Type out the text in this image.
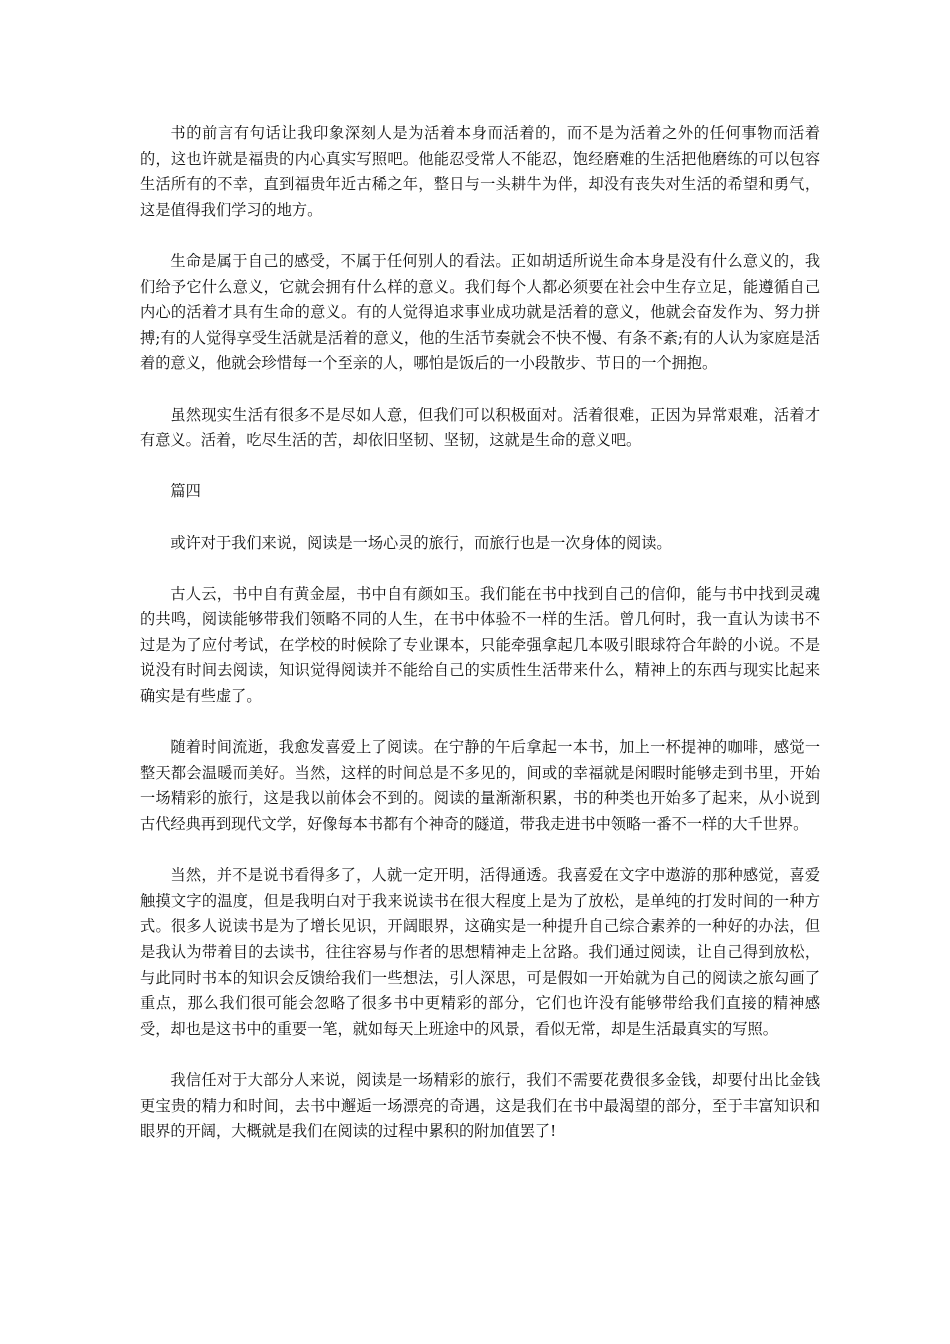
书的前言有句话让我印象深刻人是为活着本身而活着的，而不是为活着之外的任何事物而活着的，这也许就是福贵的内心真实写照吧。他能忍受常人不能忍，饱经磨难的生活把他磨练的可以包容生活所有的不幸，直到福贵年近古稀之年，整日与一头耕牛为伴，却没有丧失对生活的希望和勇气，这是值得我们学习的地方。

生命是属于自己的感受，不属于任何别人的看法。正如胡适所说生命本身是没有什么意义的，我们给予它什么意义，它就会拥有什么样的意义。我们每个人都必须要在社会中生存立足，能遵循自己内心的活着才具有生命的意义。有的人觉得追求事业成功就是活着的意义，他就会奋发作为、努力拼搏;有的人觉得享受生活就是活着的意义，他的生活节奏就会不快不慢、有条不紊;有的人认为家庭是活着的意义，他就会珍惜每一个至亲的人，哪怕是饭后的一小段散步、节日的一个拥抱。

虽然现实生活有很多不是尽如人意，但我们可以积极面对。活着很难，正因为异常艰难，活着才有意义。活着，吃尽生活的苦，却依旧坚韧、坚韧，这就是生命的意义吧。

篇四

或许对于我们来说，阅读是一场心灵的旅行，而旅行也是一次身体的阅读。

古人云，书中自有黄金屋，书中自有颜如玉。我们能在书中找到自己的信仰，能与书中找到灵魂的共鸣，阅读能够带我们领略不同的人生，在书中体验不一样的生活。曾几何时，我一直认为读书不过是为了应付考试，在学校的时候除了专业课本，只能牵强拿起几本吸引眼球符合年龄的小说。不是说没有时间去阅读，知识觉得阅读并不能给自己的实质性生活带来什么，精神上的东西与现实比起来确实是有些虚了。

随着时间流逝，我愈发喜爱上了阅读。在宁静的午后拿起一本书，加上一杯提神的咖啡，感觉一整天都会温暖而美好。当然，这样的时间总是不多见的，间或的幸福就是闲暇时能够走到书里，开始一场精彩的旅行，这是我以前体会不到的。阅读的量渐渐积累，书的种类也开始多了起来，从小说到古代经典再到现代文学，好像每本书都有个神奇的隧道，带我走进书中领略一番不一样的大千世界。

当然，并不是说书看得多了，人就一定开明，活得通透。我喜爱在文字中遨游的那种感觉，喜爱触摸文字的温度，但是我明白对于我来说读书在很大程度上是为了放松，是单纯的打发时间的一种方式。很多人说读书是为了增长见识，开阔眼界，这确实是一种提升自己综合素养的一种好的办法，但是我认为带着目的去读书，往往容易与作者的思想精神走上岔路。我们通过阅读，让自己得到放松，与此同时书本的知识会反馈给我们一些想法，引人深思，可是假如一开始就为自己的阅读之旅勾画了重点，那么我们很可能会忽略了很多书中更精彩的部分，它们也许没有能够带给我们直接的精神感受，却也是这书中的重要一笔，就如每天上班途中的风景，看似无常，却是生活最真实的写照。

我信任对于大部分人来说，阅读是一场精彩的旅行，我们不需要花费很多金钱，却要付出比金钱更宝贵的精力和时间，去书中邂逅一场漂亮的奇遇，这是我们在书中最渴望的部分，至于丰富知识和眼界的开阔，大概就是我们在阅读的过程中累积的附加值罢了!
